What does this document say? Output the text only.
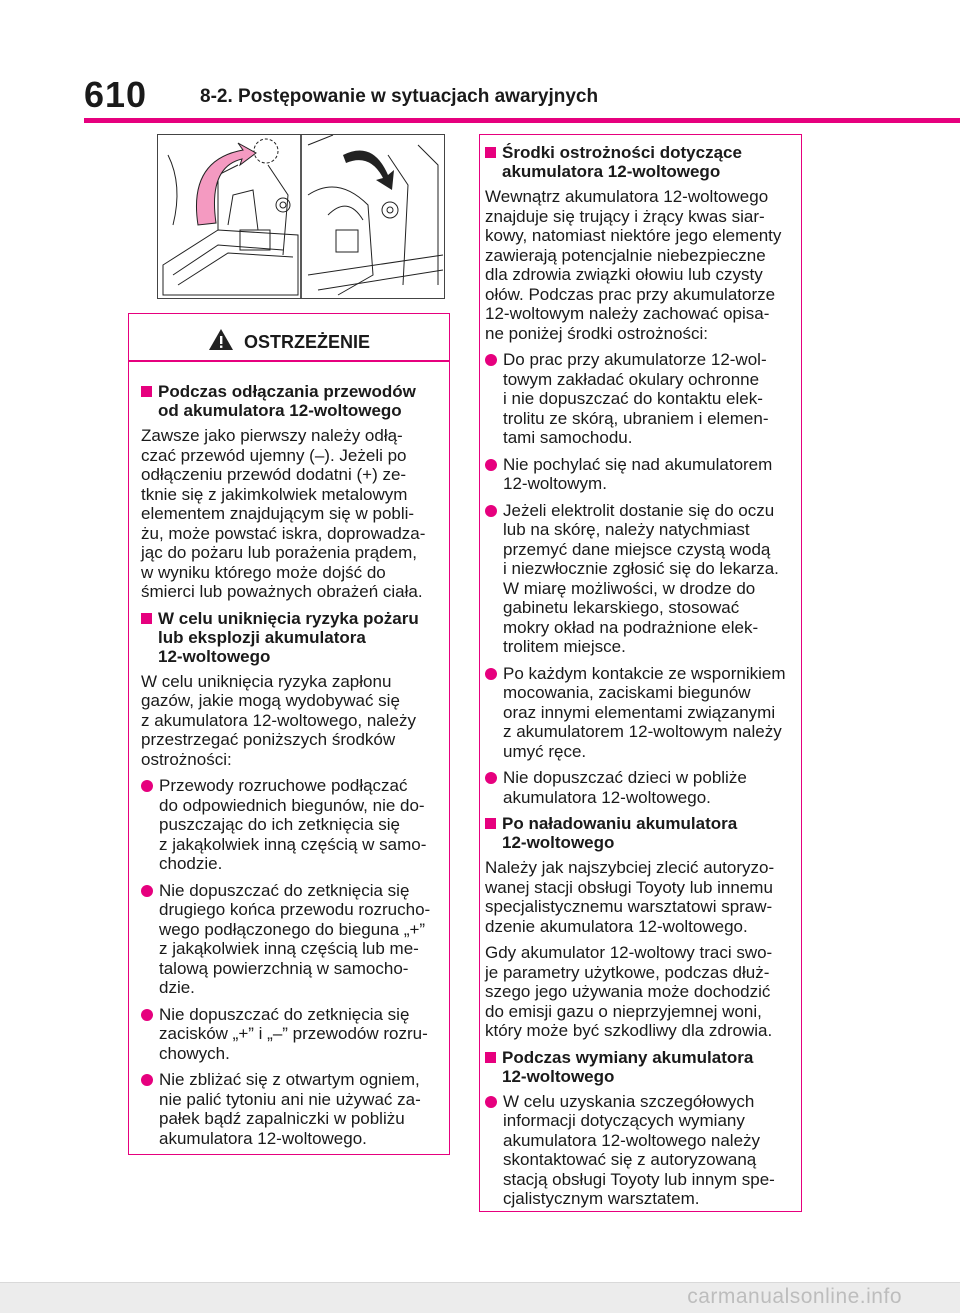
610	8-2. Postępowanie w sytuacjach awaryjnych
OSTRZEŻENIE
Podczas odłączania przewodów
od akumulatora 12-woltowego
Zawsze jako pierwszy należy odłą-
czać przewód ujemny (–). Jeżeli po
odłączeniu przewód dodatni (+) ze-
tknie się z jakimkolwiek metalowym
elementem znajdującym się w pobli-
żu, może powstać iskra, doprowadza-
jąc do pożaru lub porażenia prądem,
w wyniku którego może dojść do
śmierci lub poważnych obrażeń ciała.
W celu uniknięcia ryzyka pożaru
lub eksplozji akumulatora
12-woltowego
W celu uniknięcia ryzyka zapłonu
gazów, jakie mogą wydobywać się
z akumulatora 12-woltowego, należy
przestrzegać poniższych środków
ostrożności:
Przewody rozruchowe podłączać
do odpowiednich biegunów, nie do-
puszczając do ich zetknięcia się
z jakąkolwiek inną częścią w samo-
chodzie.
Nie dopuszczać do zetknięcia się
drugiego końca przewodu rozrucho-
wego podłączonego do bieguna „+”
z jakąkolwiek inną częścią lub me-
talową powierzchnią w samocho-
dzie.
Nie dopuszczać do zetknięcia się
zacisków „+” i „–” przewodów rozru-
chowych.
Nie zbliżać się z otwartym ogniem,
nie palić tytoniu ani nie używać za-
pałek bądź zapalniczki w pobliżu
akumulatora 12-woltowego.
Środki ostrożności dotyczące
akumulatora 12-woltowego
Wewnątrz akumulatora 12-woltowego
znajduje się trujący i żrący kwas siar-
kowy, natomiast niektóre jego elementy
zawierają potencjalnie niebezpieczne
dla zdrowia związki ołowiu lub czysty
ołów. Podczas prac przy akumulatorze
12-woltowym należy zachować opisa-
ne poniżej środki ostrożności:
Do prac przy akumulatorze 12-wol-
towym zakładać okulary ochronne
i nie dopuszczać do kontaktu elek-
trolitu ze skórą, ubraniem i elemen-
tami samochodu.
Nie pochylać się nad akumulatorem
12-woltowym.
Jeżeli elektrolit dostanie się do oczu
lub na skórę, należy natychmiast
przemyć dane miejsce czystą wodą
i niezwłocznie zgłosić się do lekarza.
W miarę możliwości, w drodze do
gabinetu lekarskiego, stosować
mokry okład na podrażnione elek-
trolitem miejsce.
Po każdym kontakcie ze wspornikiem
mocowania, zaciskami biegunów
oraz innymi elementami związanymi
z akumulatorem 12-woltowym należy
umyć ręce.
Nie dopuszczać dzieci w pobliże
akumulatora 12-woltowego.
Po naładowaniu akumulatora
12-woltowego
Należy jak najszybciej zlecić autoryzo-
wanej stacji obsługi Toyoty lub innemu
specjalistycznemu warsztatowi spraw-
dzenie akumulatora 12-woltowego.
Gdy akumulator 12-woltowy traci swo-
je parametry użytkowe, podczas dłuż-
szego jego używania może dochodzić
do emisji gazu o nieprzyjemnej woni,
który może być szkodliwy dla zdrowia.
Podczas wymiany akumulatora
12-woltowego
W celu uzyskania szczegółowych
informacji dotyczących wymiany
akumulatora 12-woltowego należy
skontaktować się z autoryzowaną
stacją obsługi Toyoty lub innym spe-
cjalistycznym warsztatem.
carmanualsonline.info
